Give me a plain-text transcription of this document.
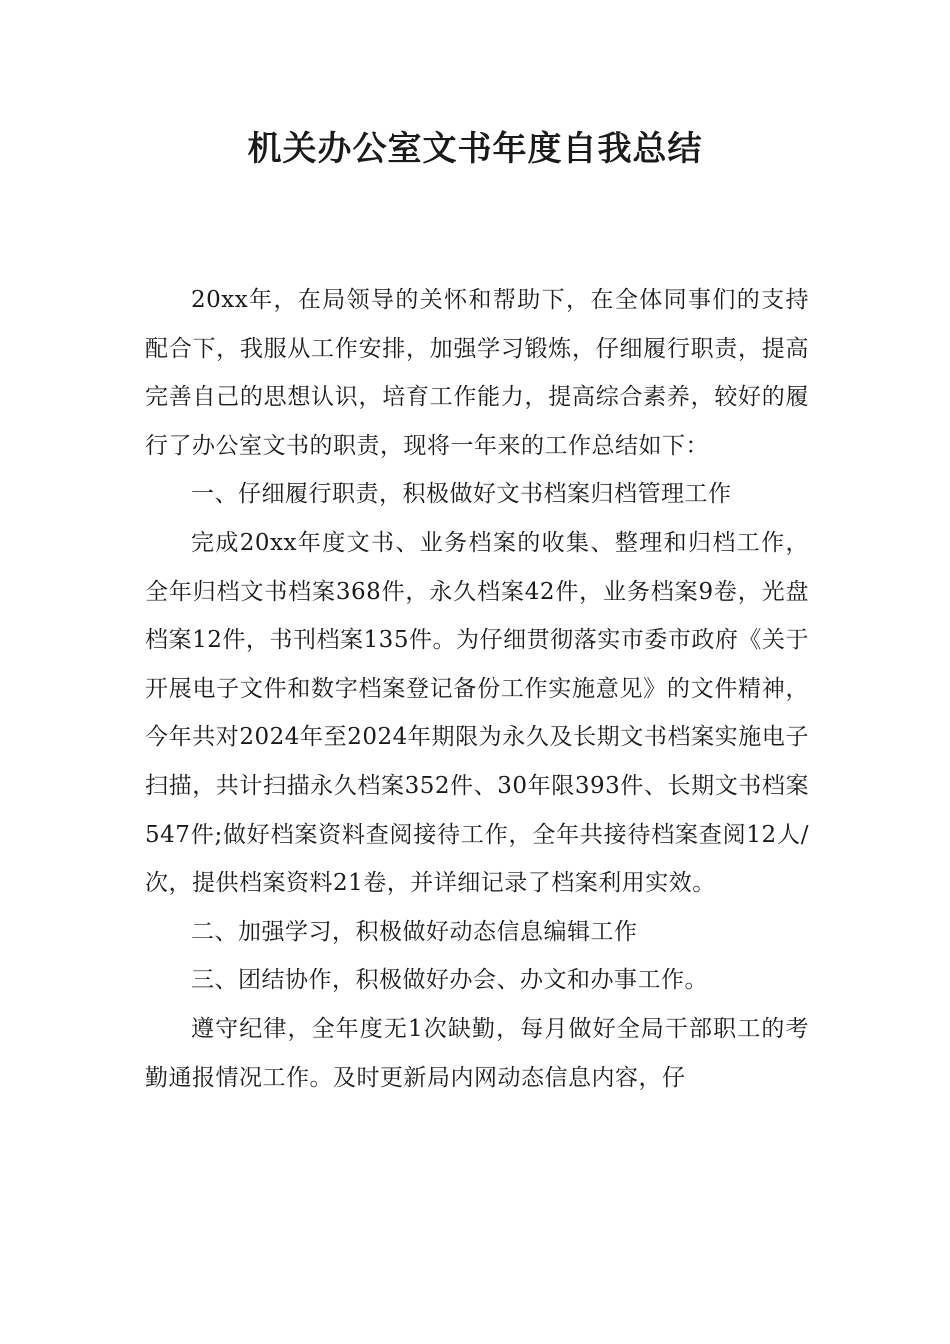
机关办公室文书年度自我总结

20xx年，在局领导的关怀和帮助下，在全体同事们的支持配合下，我服从工作安排，加强学习锻炼，仔细履行职责，提高完善自己的思想认识，培育工作能力，提高综合素养，较好的履行了办公室文书的职责，现将一年来的工作总结如下：

一、仔细履行职责，积极做好文书档案归档管理工作

完成20xx年度文书、业务档案的收集、整理和归档工作，全年归档文书档案368件，永久档案42件，业务档案9卷，光盘档案12件，书刊档案135件。为仔细贯彻落实市委市政府《关于开展电子文件和数字档案登记备份工作实施意见》的文件精神，今年共对2024年至2024年期限为永久及长期文书档案实施电子扫描，共计扫描永久档案352件、30年限393件、长期文书档案547件;做好档案资料查阅接待工作，全年共接待档案查阅12人/次，提供档案资料21卷，并详细记录了档案利用实效。

二、加强学习，积极做好动态信息编辑工作

三、团结协作，积极做好办会、办文和办事工作。

遵守纪律，全年度无1次缺勤，每月做好全局干部职工的考勤通报情况工作。及时更新局内网动态信息内容，仔
